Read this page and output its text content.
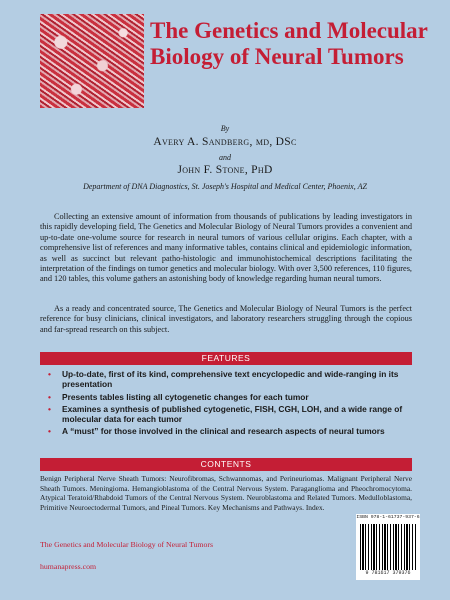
The Genetics and Molecular Biology of Neural Tumors
By
Avery A. Sandberg, md, DSc
and
John F. Stone, PhD
Department of DNA Diagnostics, St. Joseph's Hospital and Medical Center, Phoenix, AZ
Collecting an extensive amount of information from thousands of publications by leading investigators in this rapidly developing field, The Genetics and Molecular Biology of Neural Tumors provides a convenient and up-to-date one-volume source for research in neural tumors of various cellular origins. Each chapter, with a comprehensive list of references and many informative tables, contains clinical and epidemiologic information, as well as succinct but relevant patho-histologic and immunohistochemical descriptions facilitating the interpretation of the findings on tumor genetics and molecular biology. With over 3,500 references, 110 figures, and 120 tables, this volume gathers an astonishing body of knowledge regarding human neural tumors.
As a ready and concentrated source, The Genetics and Molecular Biology of Neural Tumors is the perfect reference for busy clinicians, clinical investigators, and laboratory researchers struggling through the copious and far-spread research on this subject.
FEATURES
• Up-to-date, first of its kind, comprehensive text encyclopedic and wide-ranging in its presentation
• Presents tables listing all cytogenetic changes for each tumor
• Examines a synthesis of published cytogenetic, FISH, CGH, LOH, and a wide range of molecular data for each tumor
• A “must” for those involved in the clinical and research aspects of neural tumors
CONTENTS
Benign Peripheral Nerve Sheath Tumors: Neurofibromas, Schwannomas, and Perineuriomas. Malignant Peripheral Nerve Sheath Tumors. Meningioma. Hemangioblastoma of the Central Nervous System. Paraganglioma and Pheochromocytoma. Atypical Teratoid/Rhabdoid Tumors of the Central Nervous System. Neuroblastoma and Related Tumors. Medulloblastoma, Primitive Neuroectodermal Tumors, and Pineal Tumors. Key Mechanisms and Pathways. Index.
ISBN 978-1-61737-937-6
9 781617 379376
The Genetics and Molecular Biology of Neural Tumors
humanapress.com
